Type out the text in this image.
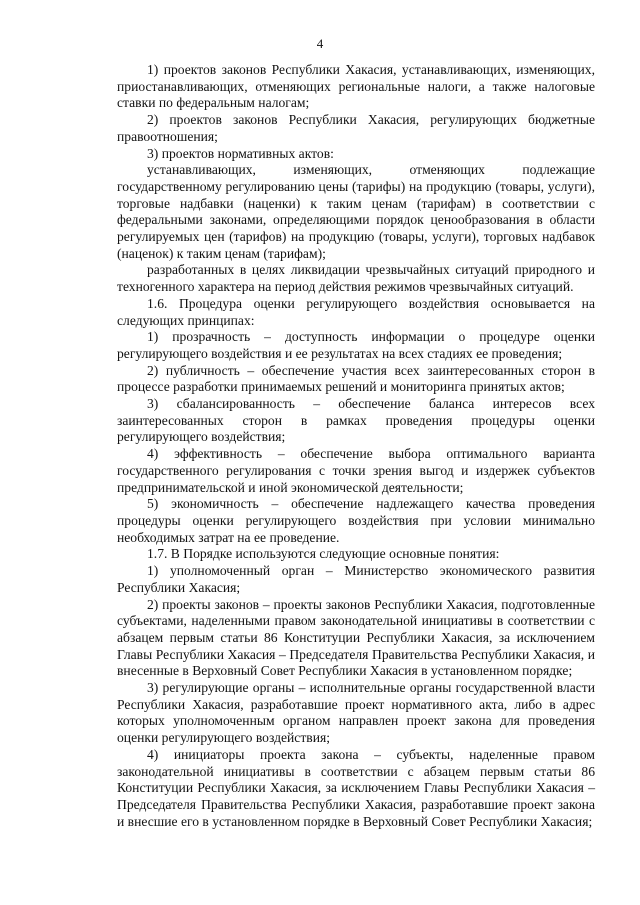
4

1) проектов законов Республики Хакасия, устанавливающих, изменяющих, приостанавливающих, отменяющих региональные налоги, а также налоговые ставки по федеральным налогам;

2) проектов законов Республики Хакасия, регулирующих бюджетные правоотношения;

3) проектов нормативных актов:

устанавливающих, изменяющих, отменяющих подлежащие государственному регулированию цены (тарифы) на продукцию (товары, услуги), торговые надбавки (наценки) к таким ценам (тарифам) в соответствии с федеральными законами, определяющими порядок ценообразования в области регулируемых цен (тарифов) на продукцию (товары, услуги), торговых надбавок (наценок) к таким ценам (тарифам);

разработанных в целях ликвидации чрезвычайных ситуаций природного и техногенного характера на период действия режимов чрезвычайных ситуаций.

1.6. Процедура оценки регулирующего воздействия основывается на следующих принципах:

1) прозрачность – доступность информации о процедуре оценки регулирующего воздействия и ее результатах на всех стадиях ее проведения;

2) публичность – обеспечение участия всех заинтересованных сторон в процессе разработки принимаемых решений и мониторинга принятых актов;

3) сбалансированность – обеспечение баланса интересов всех заинтересованных сторон в рамках проведения процедуры оценки регулирующего воздействия;

4) эффективность – обеспечение выбора оптимального варианта государственного регулирования с точки зрения выгод и издержек субъектов предпринимательской и иной экономической деятельности;

5) экономичность – обеспечение надлежащего качества проведения процедуры оценки регулирующего воздействия при условии минимально необходимых затрат на ее проведение.

1.7. В Порядке используются следующие основные понятия:

1) уполномоченный орган – Министерство экономического развития Республики Хакасия;

2) проекты законов – проекты законов Республики Хакасия, подготовленные субъектами, наделенными правом законодательной инициативы в соответствии с абзацем первым статьи 86 Конституции Республики Хакасия, за исключением Главы Республики Хакасия – Председателя Правительства Республики Хакасия, и внесенные в Верховный Совет Республики Хакасия в установленном порядке;

3) регулирующие органы – исполнительные органы государственной власти Республики Хакасия, разработавшие проект нормативного акта, либо в адрес которых уполномоченным органом направлен проект закона для проведения оценки регулирующего воздействия;

4) инициаторы проекта закона – субъекты, наделенные правом законодательной инициативы в соответствии с абзацем первым статьи 86 Конституции Республики Хакасия, за исключением Главы Республики Хакасия – Председателя Правительства Республики Хакасия, разработавшие проект закона и внесшие его в установленном порядке в Верховный Совет Республики Хакасия;
